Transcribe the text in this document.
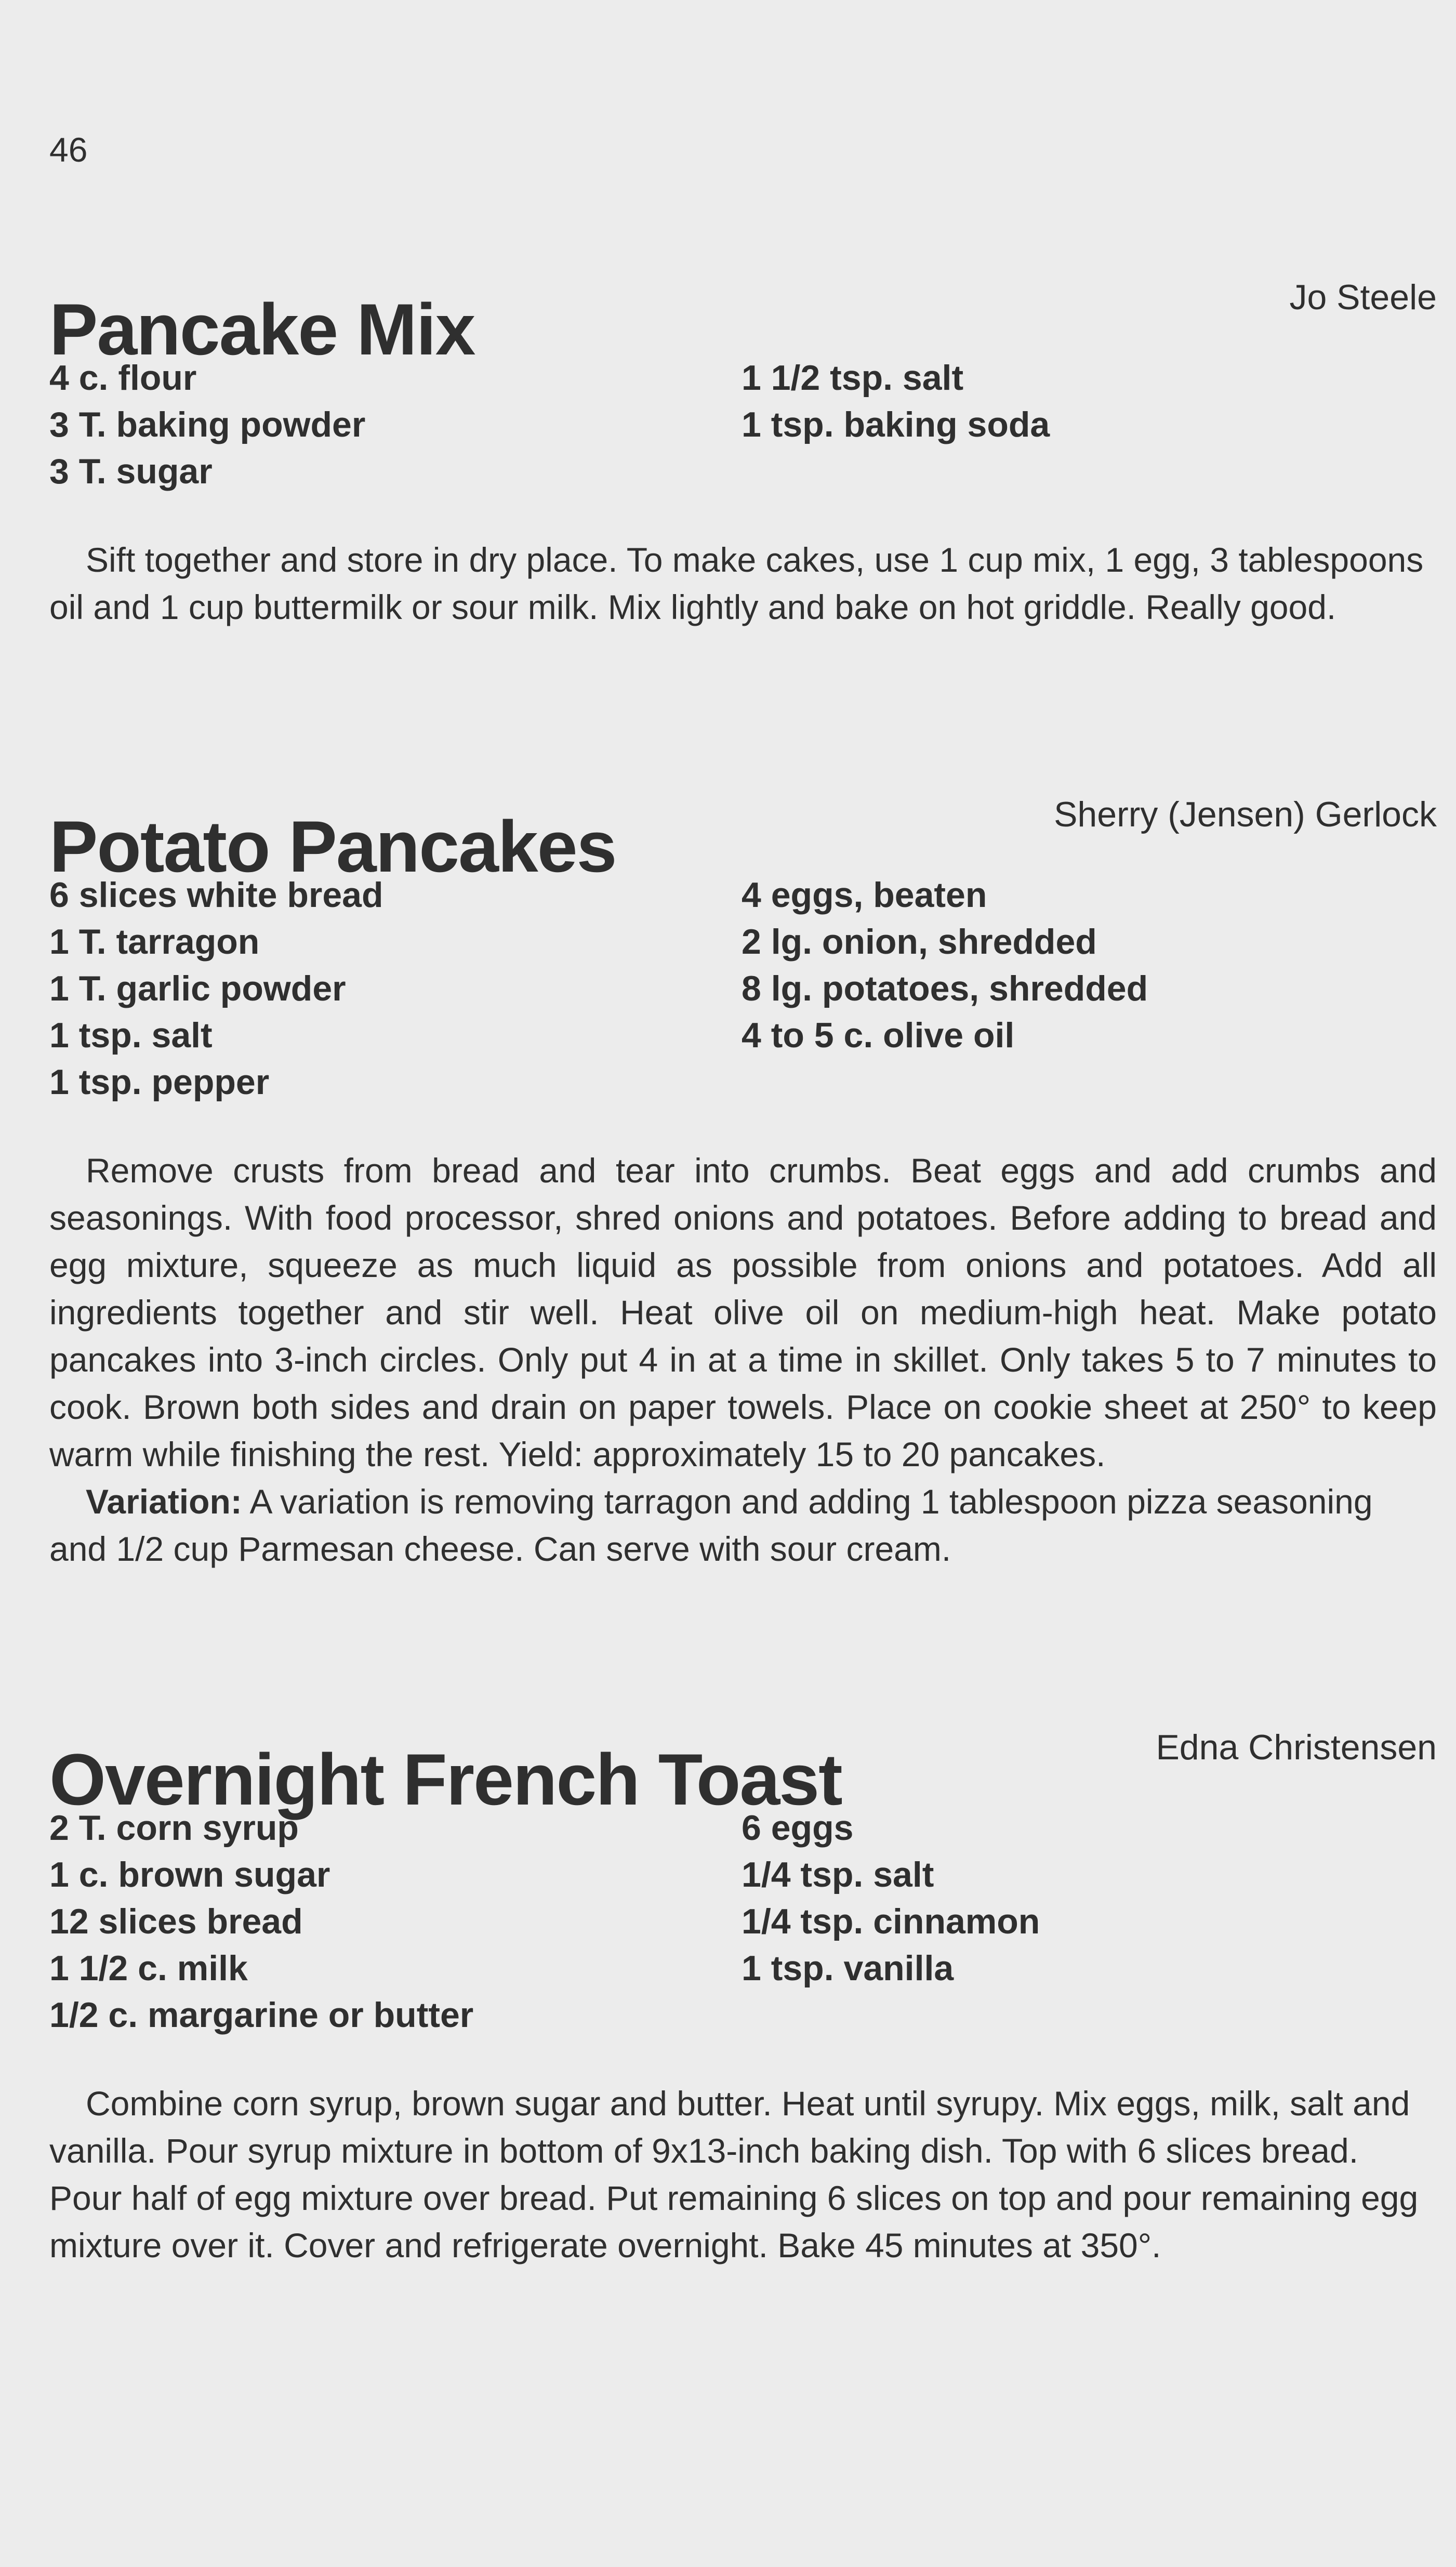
46
Pancake Mix	Jo Steele
4 c. flour
3 T. baking powder
3 T. sugar
1 1/2 tsp. salt
1 tsp. baking soda

Sift together and store in dry place. To make cakes, use 1 cup mix, 1 egg, 3 tablespoons oil and 1 cup buttermilk or sour milk. Mix lightly and bake on hot griddle. Really good.

Potato Pancakes	Sherry (Jensen) Gerlock
6 slices white bread
1 T. tarragon
1 T. garlic powder
1 tsp. salt
1 tsp. pepper
4 eggs, beaten
2 lg. onion, shredded
8 lg. potatoes, shredded
4 to 5 c. olive oil

Remove crusts from bread and tear into crumbs. Beat eggs and add crumbs and seasonings. With food processor, shred onions and potatoes. Before adding to bread and egg mixture, squeeze as much liquid as possible from onions and potatoes. Add all ingredients together and stir well. Heat olive oil on medium-high heat. Make potato pancakes into 3-inch circles. Only put 4 in at a time in skillet. Only takes 5 to 7 minutes to cook. Brown both sides and drain on paper towels. Place on cookie sheet at 250° to keep warm while finishing the rest. Yield: approximately 15 to 20 pancakes.

Variation: A variation is removing tarragon and adding 1 tablespoon pizza seasoning and 1/2 cup Parmesan cheese. Can serve with sour cream.

Overnight French Toast	Edna Christensen
2 T. corn syrup
1 c. brown sugar
12 slices bread
1 1/2 c. milk
1/2 c. margarine or butter
6 eggs
1/4 tsp. salt
1/4 tsp. cinnamon
1 tsp. vanilla

Combine corn syrup, brown sugar and butter. Heat until syrupy. Mix eggs, milk, salt and vanilla. Pour syrup mixture in bottom of 9x13-inch baking dish. Top with 6 slices bread. Pour half of egg mixture over bread. Put remaining 6 slices on top and pour remaining egg mixture over it. Cover and refrigerate overnight. Bake 45 minutes at 350°.
